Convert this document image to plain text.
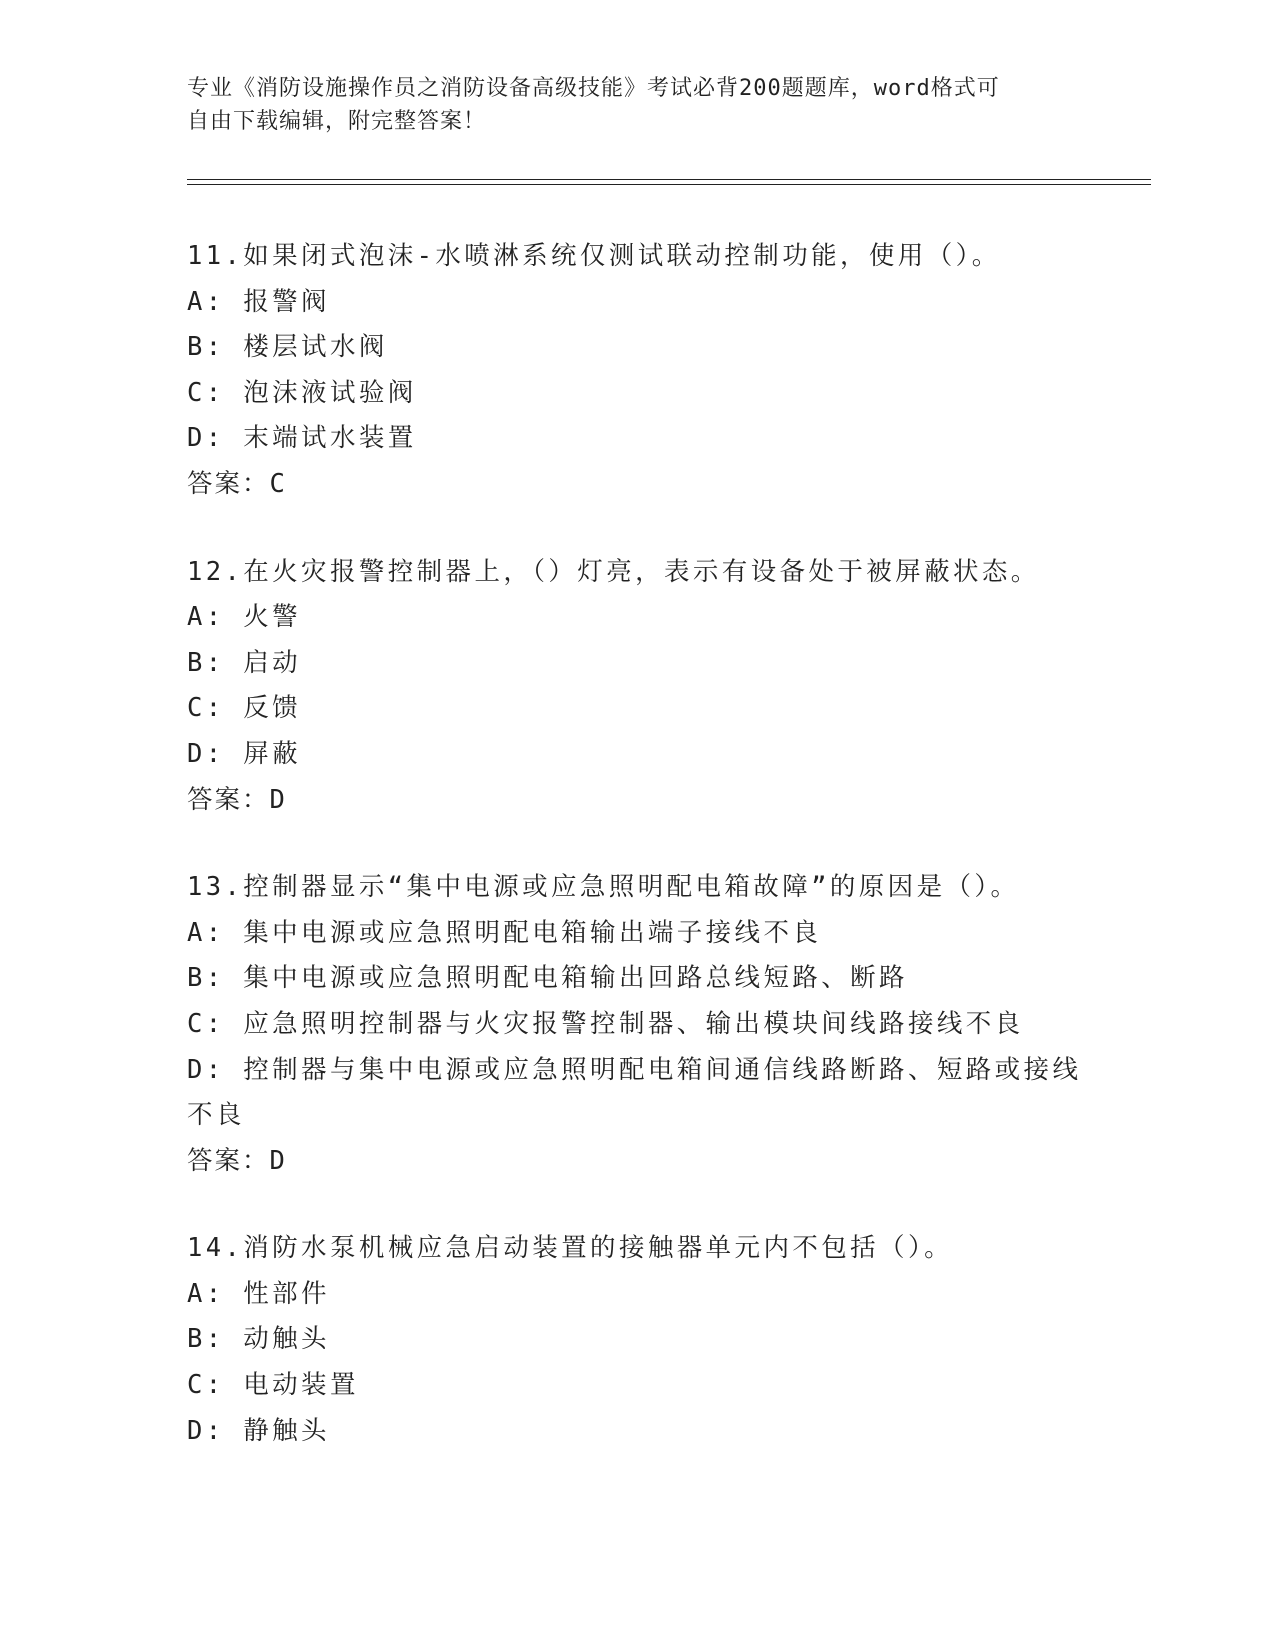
专业《消防设施操作员之消防设备高级技能》考试必背200题题库，word格式可
自由下载编辑，附完整答案！
11.如果闭式泡沫-水喷淋系统仅测试联动控制功能，使用（）。
A: 报警阀
B: 楼层试水阀
C: 泡沫液试验阀
D: 末端试水装置
答案：C
12.在火灾报警控制器上，（）灯亮，表示有设备处于被屏蔽状态。
A: 火警
B: 启动
C: 反馈
D: 屏蔽
答案：D
13.控制器显示“集中电源或应急照明配电箱故障”的原因是（）。
A: 集中电源或应急照明配电箱输出端子接线不良
B: 集中电源或应急照明配电箱输出回路总线短路、断路
C: 应急照明控制器与火灾报警控制器、输出模块间线路接线不良
D: 控制器与集中电源或应急照明配电箱间通信线路断路、短路或接线
不良
答案：D
14.消防水泵机械应急启动装置的接触器单元内不包括（）。
A: 性部件
B: 动触头
C: 电动装置
D: 静触头
